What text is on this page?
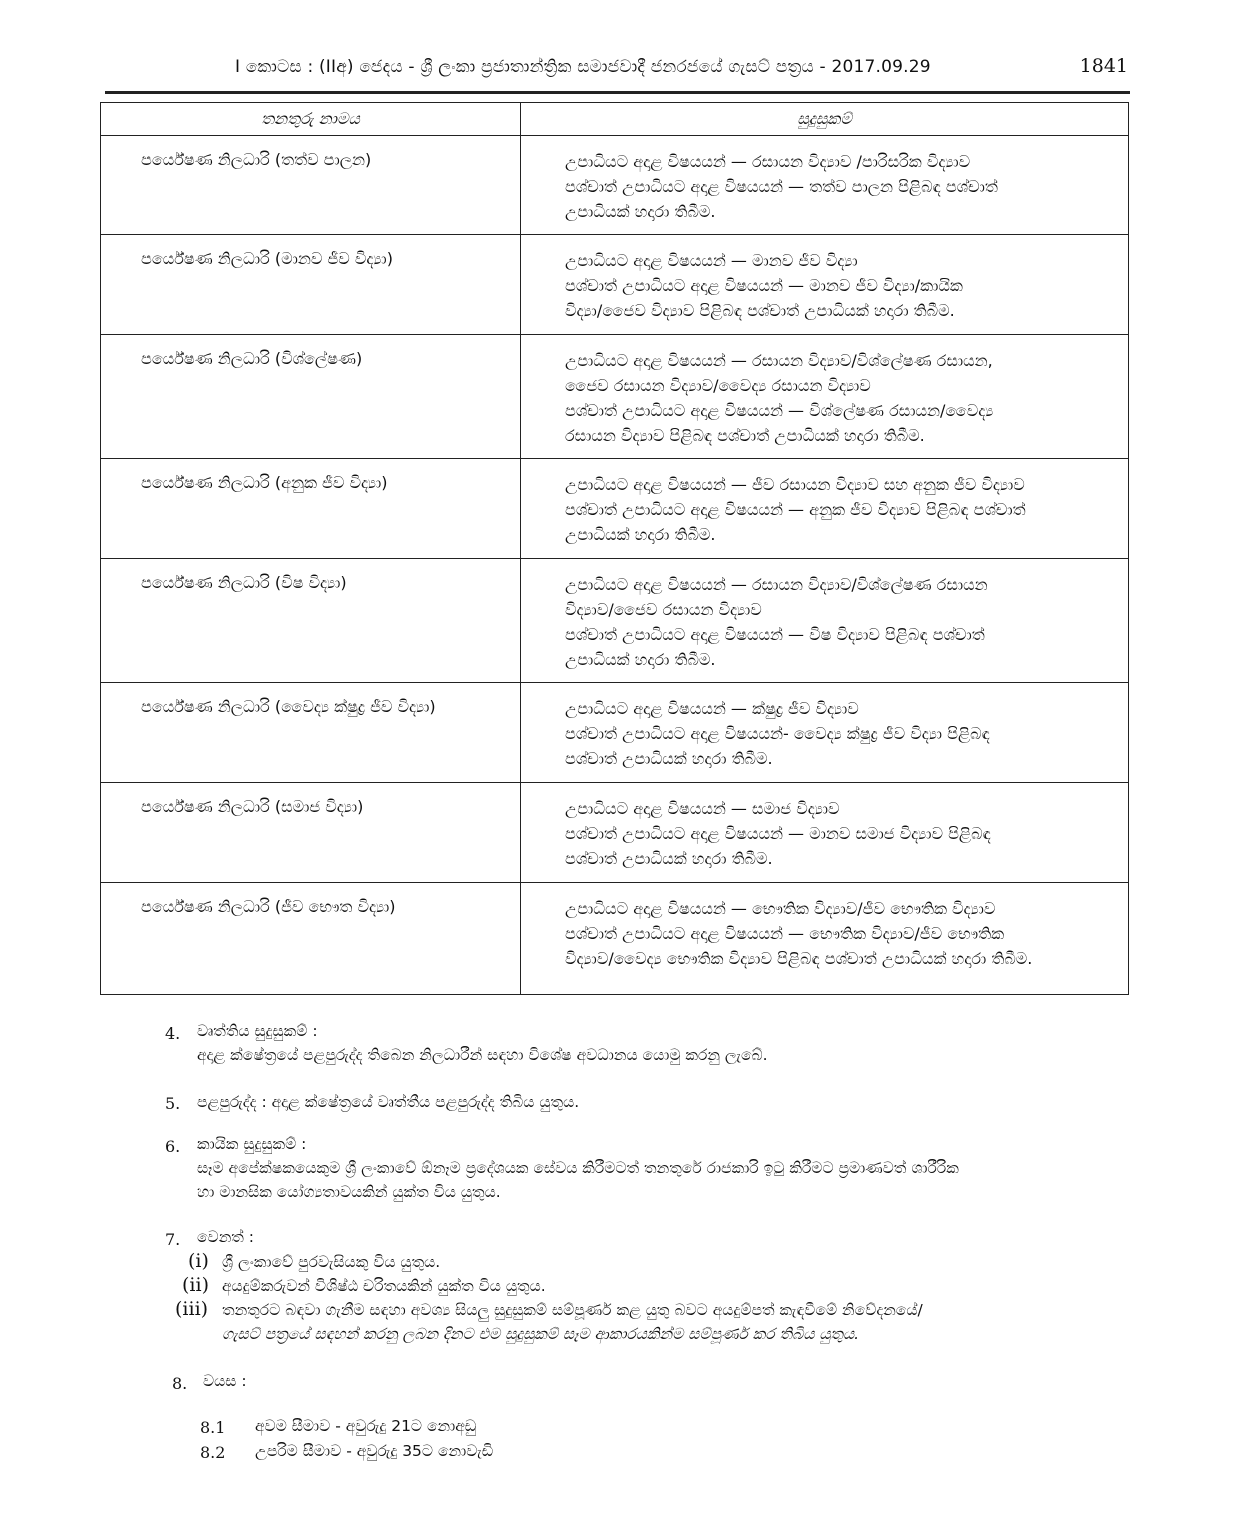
I කොටස : (IIඅ) ජෙදය - ශ්‍රී ලංකා ප්‍රජාතාන්ත්‍රික සමාජවාදී ජනරජයේ ගැසට් පත්‍රය - 2017.09.29	1841
තනතුරු නාමය	සුදුසුකම්
පර්යේෂණ නිලධාරි (තත්ව පාලන)	උපාධියට අදාළ විෂයයන් — රසායන විද්‍යාව /පාරිසරික විද්‍යාව
පශ්චාත් උපාධියට අදාළ විෂයයන් — තත්ව පාලන පිළිබඳ පශ්චාත්
උපාධියක් හදාරා තිබීම.

පර්යේෂණ නිලධාරි (මානව ජීව විද්‍යා)	උපාධියට අදාළ විෂයයන් — මානව ජීව විද්‍යා
පශ්චාත් උපාධියට අදාළ විෂයයන් — මානව ජීව විද්‍යා/කායික
විද්‍යා/ජෛව විද්‍යාව පිළිබඳ පශ්චාත් උපාධියක් හදාරා තිබීම.

පර්යේෂණ නිලධාරි (විශ්ලේෂණ)	උපාධියට අදාළ විෂයයන් — රසායන විද්‍යාව/විශ්ලේෂණ රසායන,
ජෛව රසායන විද්‍යාව/වෛද්‍ය රසායන විද්‍යාව
පශ්චාත් උපාධියට අදාළ විෂයයන් — විශ්ලේෂණ රසායන/වෛද්‍ය
රසායන විද්‍යාව පිළිබඳ පශ්චාත් උපාධියක් හදාරා තිබීම.

පර්යේෂණ නිලධාරි (අනුක ජීව විද්‍යා)	උපාධියට අදාළ විෂයයන් — ජීව රසායන විද්‍යාව සහ අනුක ජීව විද්‍යාව
පශ්චාත් උපාධියට අදාළ විෂයයන් — අනුක ජීව විද්‍යාව පිළිබඳ පශ්චාත්
උපාධියක් හදාරා තිබීම.

පර්යේෂණ නිලධාරි (විෂ විද්‍යා)	උපාධියට අදාළ විෂයයන් — රසායන විද්‍යාව/විශ්ලේෂණ රසායන
විද්‍යාව/ජෛව රසායන විද්‍යාව
පශ්චාත් උපාධියට අදාළ විෂයයන් — විෂ විද්‍යාව පිළිබඳ පශ්චාත්
උපාධියක් හදාරා තිබීම.

පර්යේෂණ නිලධාරි (වෛද්‍ය ක්ෂුද්‍ර ජීව විද්‍යා)	උපාධියට අදාළ විෂයයන් — ක්ෂුද්‍ර ජීව විද්‍යාව
පශ්චාත් උපාධියට අදාළ විෂයයන්- වෛද්‍ය ක්ෂුද්‍ර ජීව විද්‍යා පිළිබඳ
පශ්චාත් උපාධියක් හදාරා තිබීම.

පර්යේෂණ නිලධාරි (සමාජ විද්‍යා)	උපාධියට අදාළ විෂයයන් — සමාජ විද්‍යාව
පශ්චාත් උපාධියට අදාළ විෂයයන් — මානව සමාජ විද්‍යාව පිළිබඳ
පශ්චාත් උපාධියක් හදාරා තිබීම.

පර්යේෂණ නිලධාරි (ජීව භෞත විද්‍යා)	උපාධියට අදාළ විෂයයන් — භෞතික විද්‍යාව/ජීව භෞතික විද්‍යාව
පශ්චාත් උපාධියට අදාළ විෂයයන් — භෞතික විද්‍යාව/ජීව භෞතික
විද්‍යාව/වෛද්‍ය භෞතික විද්‍යාව පිළිබඳ පශ්චාත් උපාධියක් හදාරා තිබීම.
4. වෘත්තිය සුදුසුකම් :
අදාළ ක්ෂේත්‍රයේ පළපුරුද්ද තිබෙන නිලධාරීන් සඳහා විශේෂ අවධානය යොමු කරනු ලැබේ.
5. පළපුරුද්ද : අදාළ ක්ෂේත්‍රයේ වෘත්තීය පළපුරුද්ද තිබිය යුතුය.
6. කායික සුදුසුකම් :
සෑම අපේක්ෂකයෙකුම ශ්‍රී ලංකාවේ ඕනෑම ප්‍රදේශයක සේවය කිරීමටත් තනතුරේ රාජකාරි ඉටු කිරීමට ප්‍රමාණවත් ශාරීරික
හා මානසික යෝග්‍යතාවයකින් යුක්ත විය යුතුය.
7. වෙනත් :
(i) ශ්‍රී ලංකාවේ පුරවැසියකු විය යුතුය.
(ii) අයදුම්කරුවන් විශිෂ්ඨ චරිතයකින් යුක්ත විය යුතුය.
(iii) තනතුරට බඳවා ගැනීම සඳහා අවශ්‍ය සියලු සුදුසුකම් සම්පූර්ණ කළ යුතු බවට අයදුම්පත් කැඳවීමේ නිවේදනයේ/
ගැසට් පත්‍රයේ සඳහන් කරනු ලබන දිනට එම සුදුසුකම් සෑම ආකාරයකින්ම සම්පූර්ණ කර තිබිය යුතුය.
8. වයස :
8.1 අවම සීමාව - අවුරුදු 21ට නොඅඩු
8.2 උපරිම සීමාව - අවුරුදු 35ට නොවැඩි
